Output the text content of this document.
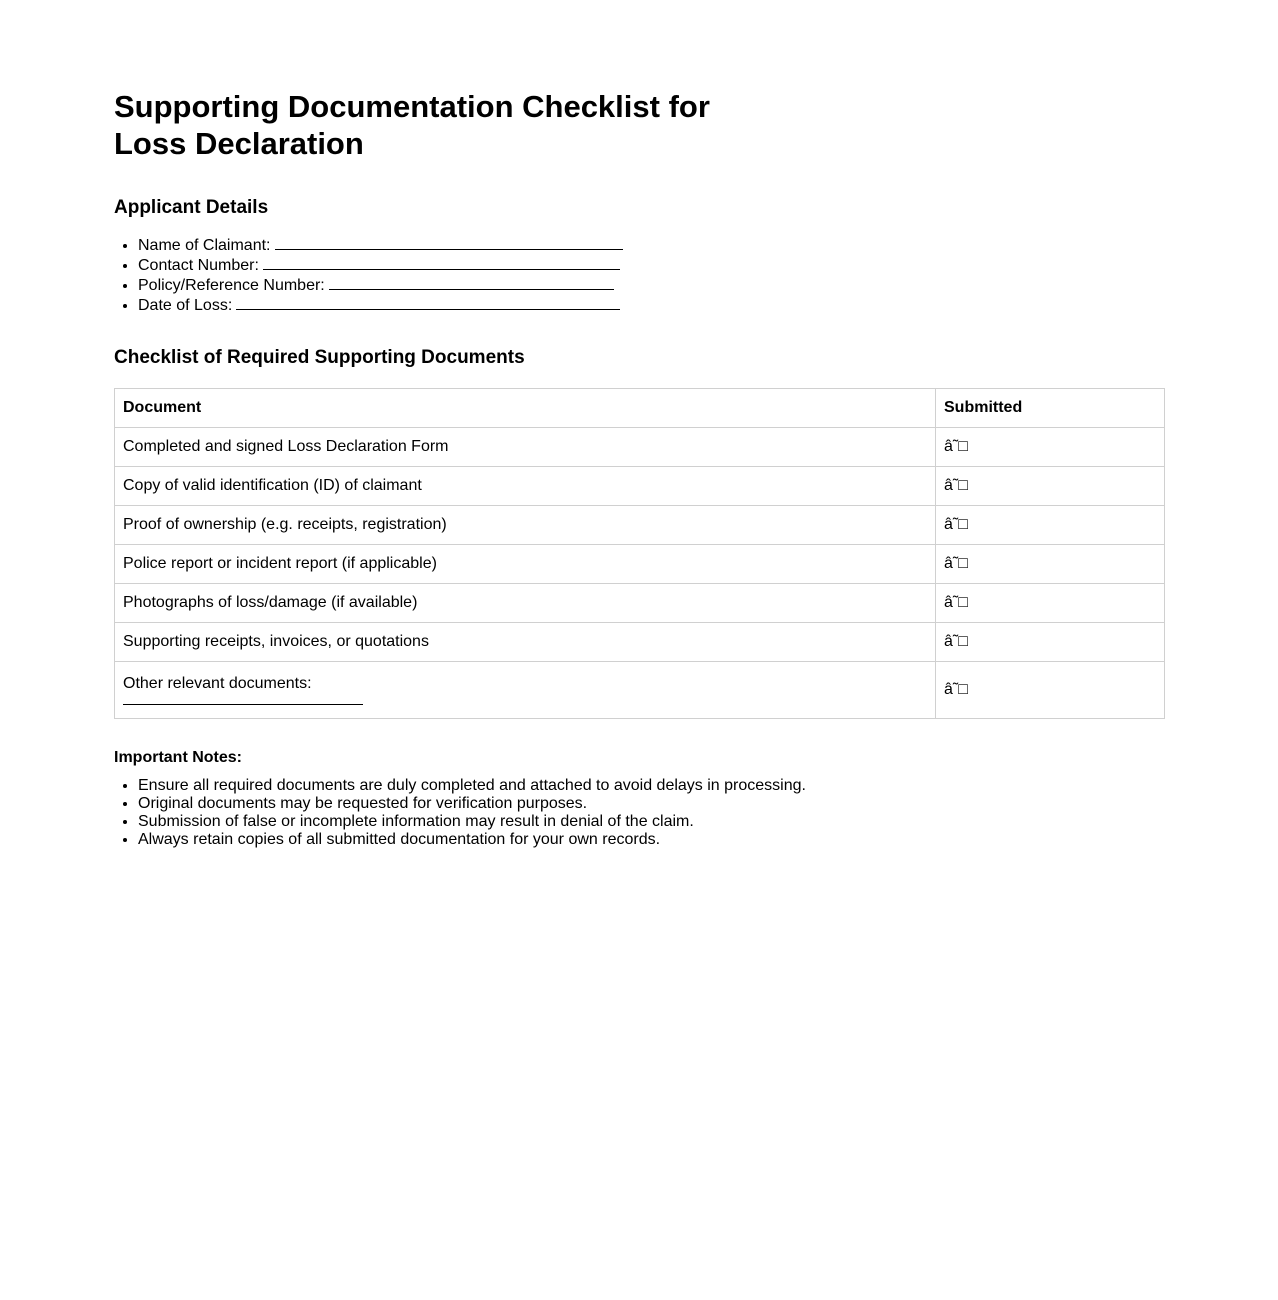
Supporting Documentation Checklist for Loss Declaration
Applicant Details
• Name of Claimant:
• Contact Number:
• Policy/Reference Number:
• Date of Loss:
Checklist of Required Supporting Documents
Document	Submitted
Completed and signed Loss Declaration Form	â˜□
Copy of valid identification (ID) of claimant	â˜□
Proof of ownership (e.g. receipts, registration)	â˜□
Police report or incident report (if applicable)	â˜□
Photographs of loss/damage (if available)	â˜□
Supporting receipts, invoices, or quotations	â˜□

Other relevant documents:	â˜□
Important Notes:
• Ensure all required documents are duly completed and attached to avoid delays in processing.
• Original documents may be requested for verification purposes.
• Submission of false or incomplete information may result in denial of the claim.
• Always retain copies of all submitted documentation for your own records.
